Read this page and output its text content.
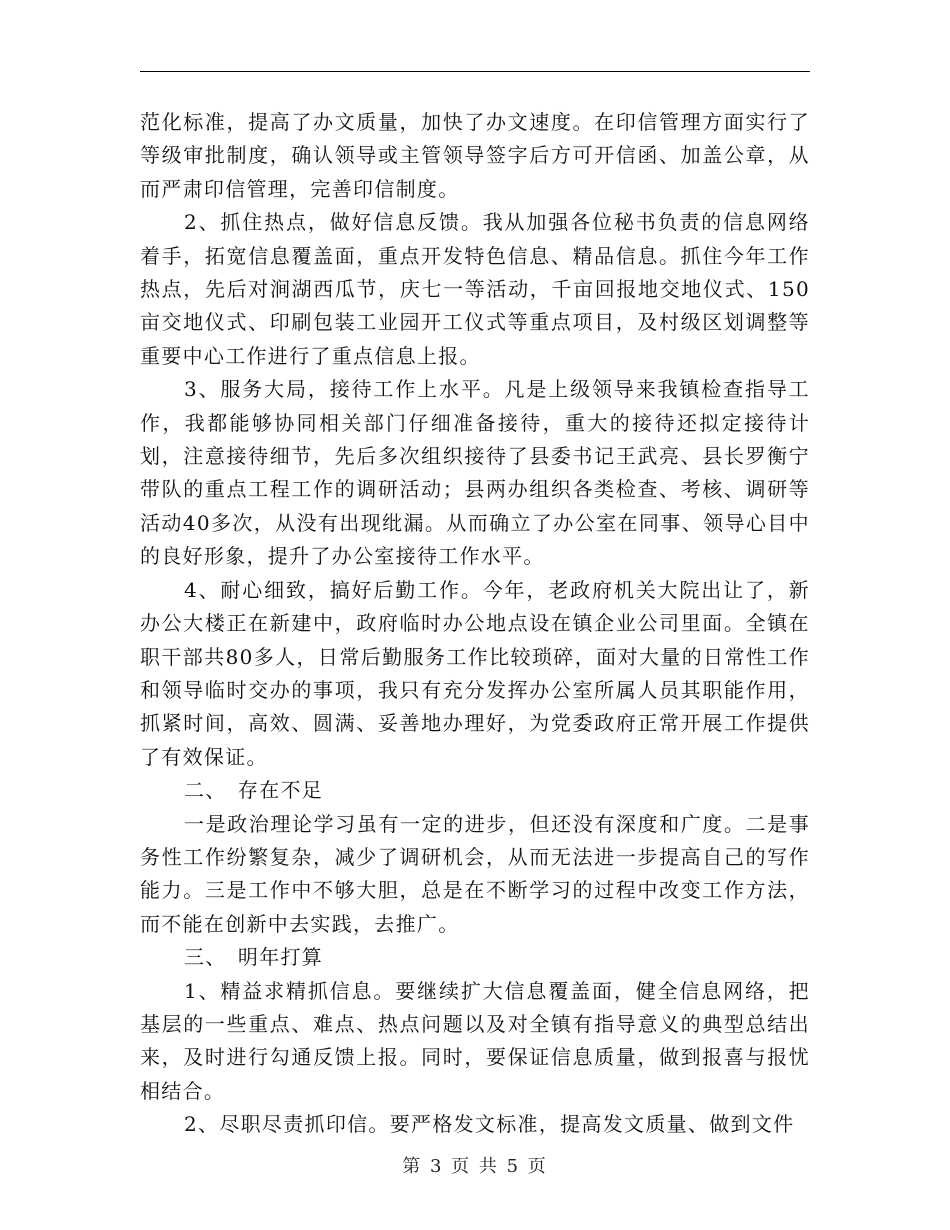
范化标准，提高了办文质量，加快了办文速度。在印信管理方面实行了等级审批制度，确认领导或主管领导签字后方可开信函、加盖公章，从而严肃印信管理，完善印信制度。

2、抓住热点，做好信息反馈。我从加强各位秘书负责的信息网络着手，拓宽信息覆盖面，重点开发特色信息、精品信息。抓住今年工作热点，先后对涧湖西瓜节，庆七一等活动，千亩回报地交地仪式、150亩交地仪式、印刷包装工业园开工仪式等重点项目，及村级区划调整等重要中心工作进行了重点信息上报。

3、服务大局，接待工作上水平。凡是上级领导来我镇检查指导工作，我都能够协同相关部门仔细准备接待，重大的接待还拟定接待计划，注意接待细节，先后多次组织接待了县委书记王武亮、县长罗衡宁带队的重点工程工作的调研活动；县两办组织各类检查、考核、调研等活动40多次，从没有出现纰漏。从而确立了办公室在同事、领导心目中的良好形象，提升了办公室接待工作水平。

4、耐心细致，搞好后勤工作。今年，老政府机关大院出让了，新办公大楼正在新建中，政府临时办公地点设在镇企业公司里面。全镇在职干部共80多人，日常后勤服务工作比较琐碎，面对大量的日常性工作和领导临时交办的事项，我只有充分发挥办公室所属人员其职能作用，抓紧时间，高效、圆满、妥善地办理好，为党委政府正常开展工作提供了有效保证。

二、　存在不足

一是政治理论学习虽有一定的进步，但还没有深度和广度。二是事务性工作纷繁复杂，减少了调研机会，从而无法进一步提高自己的写作能力。三是工作中不够大胆，总是在不断学习的过程中改变工作方法，而不能在创新中去实践，去推广。

三、　明年打算

1、精益求精抓信息。要继续扩大信息覆盖面，健全信息网络，把基层的一些重点、难点、热点问题以及对全镇有指导意义的典型总结出来，及时进行勾通反馈上报。同时，要保证信息质量，做到报喜与报忧相结合。

2、尽职尽责抓印信。要严格发文标准，提高发文质量、做到文件

第 3 页 共 5 页
